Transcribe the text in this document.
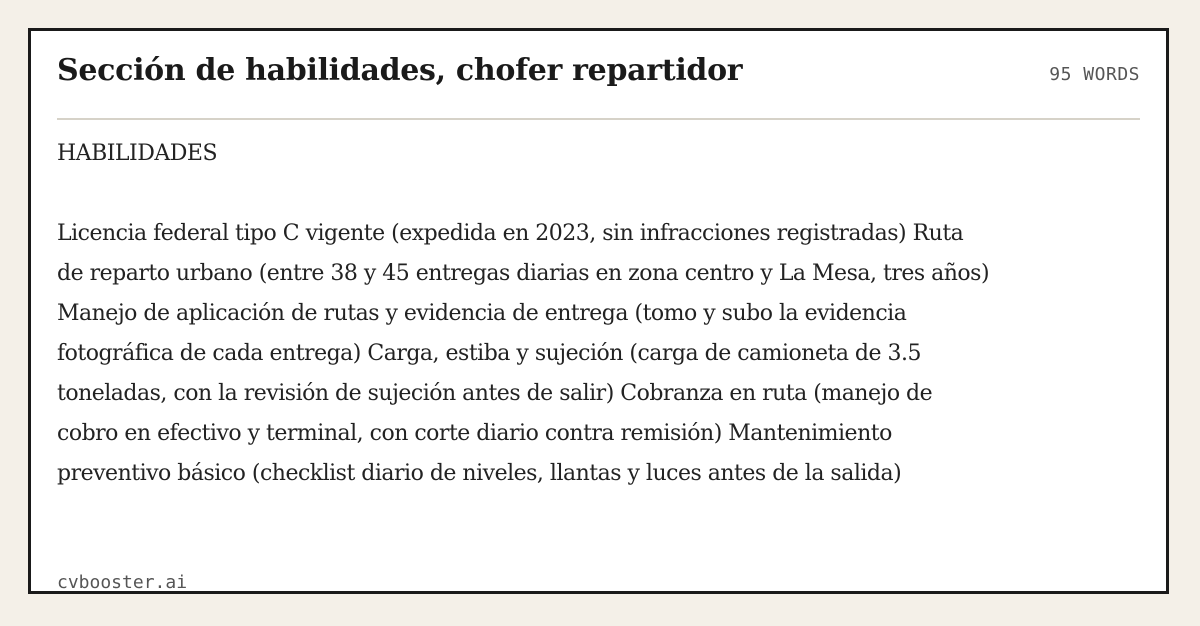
Sección de habilidades, chofer repartidor	95 WORDS
HABILIDADES

Licencia federal tipo C vigente (expedida en 2023, sin infracciones registradas) Ruta de reparto urbano (entre 38 y 45 entregas diarias en zona centro y La Mesa, tres años) Manejo de aplicación de rutas y evidencia de entrega (tomo y subo la evidencia fotográfica de cada entrega) Carga, estiba y sujeción (carga de camioneta de 3.5 toneladas, con la revisión de sujeción antes de salir) Cobranza en ruta (manejo de cobro en efectivo y terminal, con corte diario contra remisión) Mantenimiento preventivo básico (checklist diario de niveles, llantas y luces antes de la salida)

cvbooster.ai
